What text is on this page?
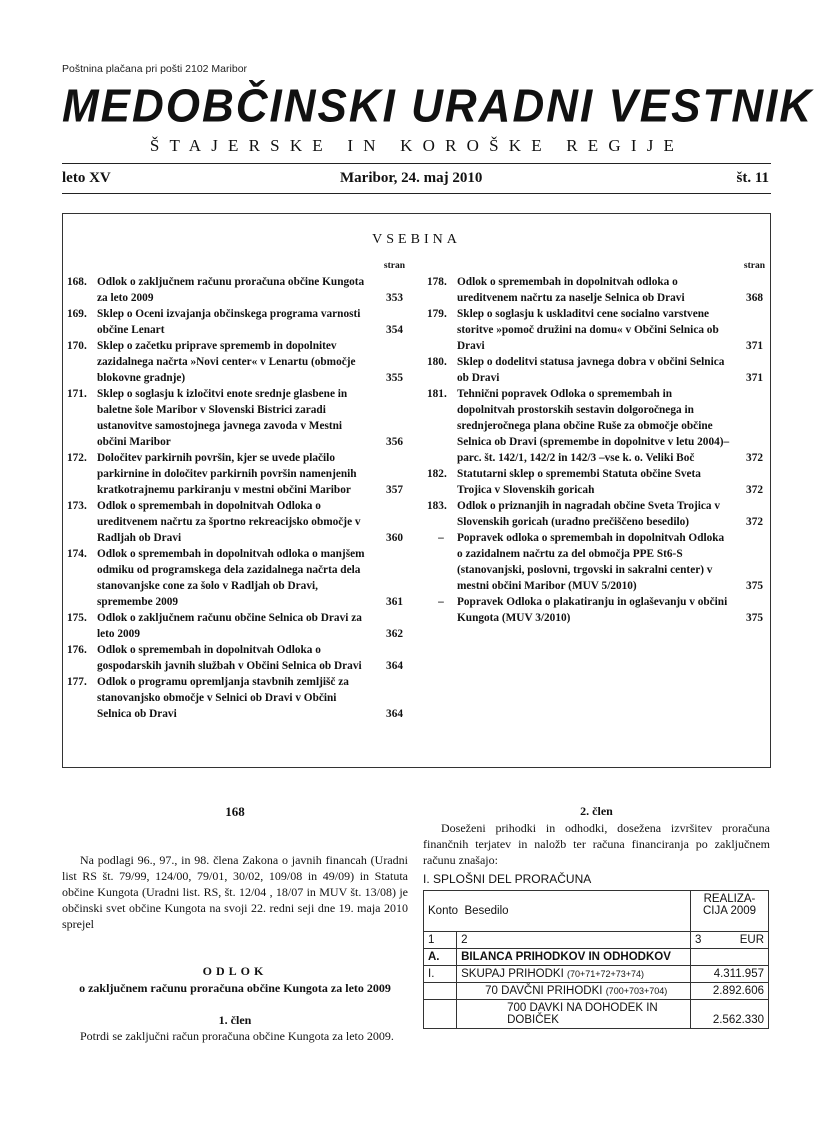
Poštnina plačana pri pošti 2102 Maribor
MEDOBČINSKI URADNI VESTNIK
ŠTAJERSKE IN KOROŠKE REGIJE
leto XV	Maribor, 24. maj 2010	št. 11
VSEBINA
stran
168. Odlok o zaključnem računu proračuna občine Kungota za leto 2009	353
169. Sklep o Oceni izvajanja občinskega programa varnosti občine Lenart	354
170. Sklep o začetku priprave sprememb in dopolnitev zazidalnega načrta »Novi center« v Lenartu (območje blokovne gradnje)	355
171. Sklep o soglasju k izločitvi enote srednje glasbene in baletne šole Maribor v Slovenski Bistrici zaradi ustanovitve samostojnega javnega zavoda v Mestni občini Maribor	356
172. Določitev parkirnih površin, kjer se uvede plačilo parkirnine in določitev parkirnih površin namenjenih kratkotrajnemu parkiranju v mestni občini Maribor	357
173. Odlok o spremembah in dopolnitvah Odloka o ureditvenem načrtu za športno rekreacijsko območje v Radljah ob Dravi	360
174. Odlok o spremembah in dopolnitvah odloka o manjšem odmiku od programskega dela zazidalnega načrta dela stanovanjske cone za šolo v Radljah ob Dravi, spremembe 2009	361
175. Odlok o zaključnem računu občine Selnica ob Dravi za leto 2009	362
176. Odlok o spremembah in dopolnitvah Odloka o gospodarskih javnih službah v Občini Selnica ob Dravi 364
177. Odlok o programu opremljanja stavbnih zemljišč za stanovanjsko območje v Selnici ob Dravi v Občini Selnica ob Dravi	364
stran
178. Odlok o spremembah in dopolnitvah odloka o ureditvenem načrtu za naselje Selnica ob Dravi	368
179. Sklep o soglasju k uskladitvi cene socialno varstvene storitve »pomoč družini na domu« v Občini Selnica ob Dravi	371
180. Sklep o dodelitvi statusa javnega dobra v občini Selnica ob Dravi	371
181. Tehnični popravek Odloka o spremembah in dopolnitvah prostorskih sestavin dolgoročnega in srednjeročnega plana občine Ruše za območje občine Selnica ob Dravi (spremembe in dopolnitve v letu 2004)– parc. št. 142/1, 142/2 in 142/3 –vse k. o. Veliki Boč	372
182. Statutarni sklep o spremembi Statuta občine Sveta Trojica v Slovenskih goricah	372
183. Odlok o priznanjih in nagradah občine Sveta Trojica v Slovenskih goricah (uradno prečiščeno besedilo)	372
–	Popravek odloka o spremembah in dopolnitvah Odloka o zazidalnem načrtu za del območja PPE St6-S (stanovanjski, poslovni, trgovski in sakralni center) v mestni občini Maribor (MUV 5/2010)	375
–	Popravek Odloka o plakatiranju in oglaševanju v občini Kungota (MUV 3/2010)	375
168
Na podlagi 96., 97., in 98. člena Zakona o javnih financah (Uradni list RS št. 79/99, 124/00, 79/01, 30/02, 109/08 in 49/09) in Statuta občine Kungota (Uradni list. RS, št. 12/04 , 18/07 in MUV št. 13/08) je občinski svet občine Kungota na svoji 22. redni seji dne 19. maja 2010 sprejel
ODLOK
o zaključnem računu proračuna občine Kungota za leto 2009
1. člen
Potrdi se zaključni račun proračuna občine Kungota za leto 2009.
2. člen
Doseženi prihodki in odhodki, dosežena izvršitev proračuna finančnih terjatev in naložb ter računa financiranja po zaključnem računu znašajo:
I. SPLOŠNI DEL PRORAČUNA
Konto Besedilo		REALIZA-CIJA 2009
1	2	3 EUR

A.	BILANCA PRIHODKOV IN ODHODKOV	
I.	SKUPAJ PRIHODKI (70+71+72+73+74)	4.311.957
	70 DAVČNI PRIHODKI (700+703+704)	2.892.606
	700 DAVKI NA DOHODEK IN DOBIČEK	2.562.330
